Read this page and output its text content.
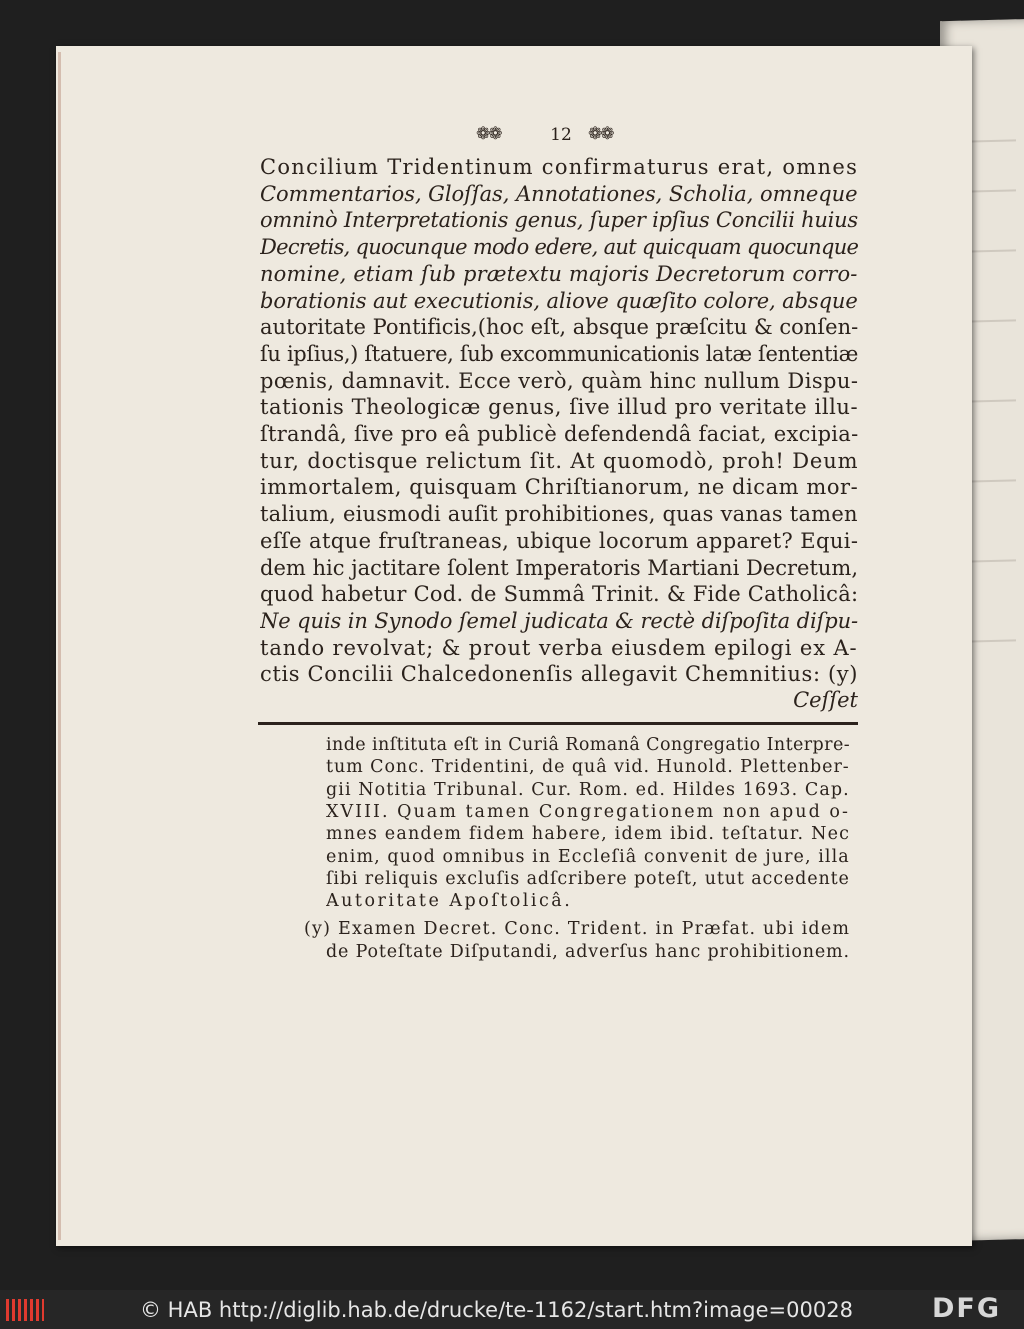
❁❁	12 ❁❁
Concilium Tridentinum confirmaturus erat, omnes
Commentarios, Gloſſas, Annotationes, Scholia, omneque
omninò Interpretationis genus, ſuper ipſius Concilii huius
Decretis, quocunque modo edere, aut quicquam quocunque
nomine, etiam ſub prætextu majoris Decretorum corro-
borationis aut executionis, aliove quæſito colore, absque
autoritate Pontificis,(hoc eſt, absque præſcitu & conſen-
ſu ipſius,) ſtatuere, ſub excommunicationis latæ ſententiæ
pœnis, damnavit. Ecce verò, quàm hinc nullum Dispu-
tationis Theologicæ genus, ſive illud pro veritate illu-
ſtrandâ, ſive pro eâ publicè defendendâ faciat, excipia-
tur, doctisque relictum ſit. At quomodò, proh! Deum
immortalem, quisquam Chriſtianorum, ne dicam mor-
talium, eiusmodi auſit prohibitiones, quas vanas tamen
eſſe atque fruſtraneas, ubique locorum apparet? Equi-
dem hic jactitare ſolent Imperatoris Martiani Decretum,
quod habetur Cod. de Summâ Trinit. & Fide Catholicâ:
Ne quis in Synodo ſemel judicata & rectè diſpoſita diſpu-
tando revolvat; & prout verba eiusdem epilogi ex A-
ctis Concilii Chalcedonenſis allegavit Chemnitius: (y)
Ceſſet
inde inſtituta eſt in Curiâ Romanâ Congregatio Interpre-
tum Conc. Tridentini, de quâ vid. Hunold. Plettenber-
gii Notitia Tribunal. Cur. Rom. ed. Hildes 1693. Cap.
XVIII. Quam tamen Congregationem non apud o-
mnes eandem fidem habere, idem ibid. teſtatur. Nec
enim, quod omnibus in Eccleſiâ convenit de jure, illa
ſibi reliquis excluſis adſcribere poteſt, utut accedente
Autoritate Apoſtolicâ.
(y) Examen Decret. Conc. Trident. in Præfat. ubi idem
de Poteſtate Diſputandi, adverſus hanc prohibitionem.
© HAB http://diglib.hab.de/drucke/te-1162/start.htm?image=00028	DFG
